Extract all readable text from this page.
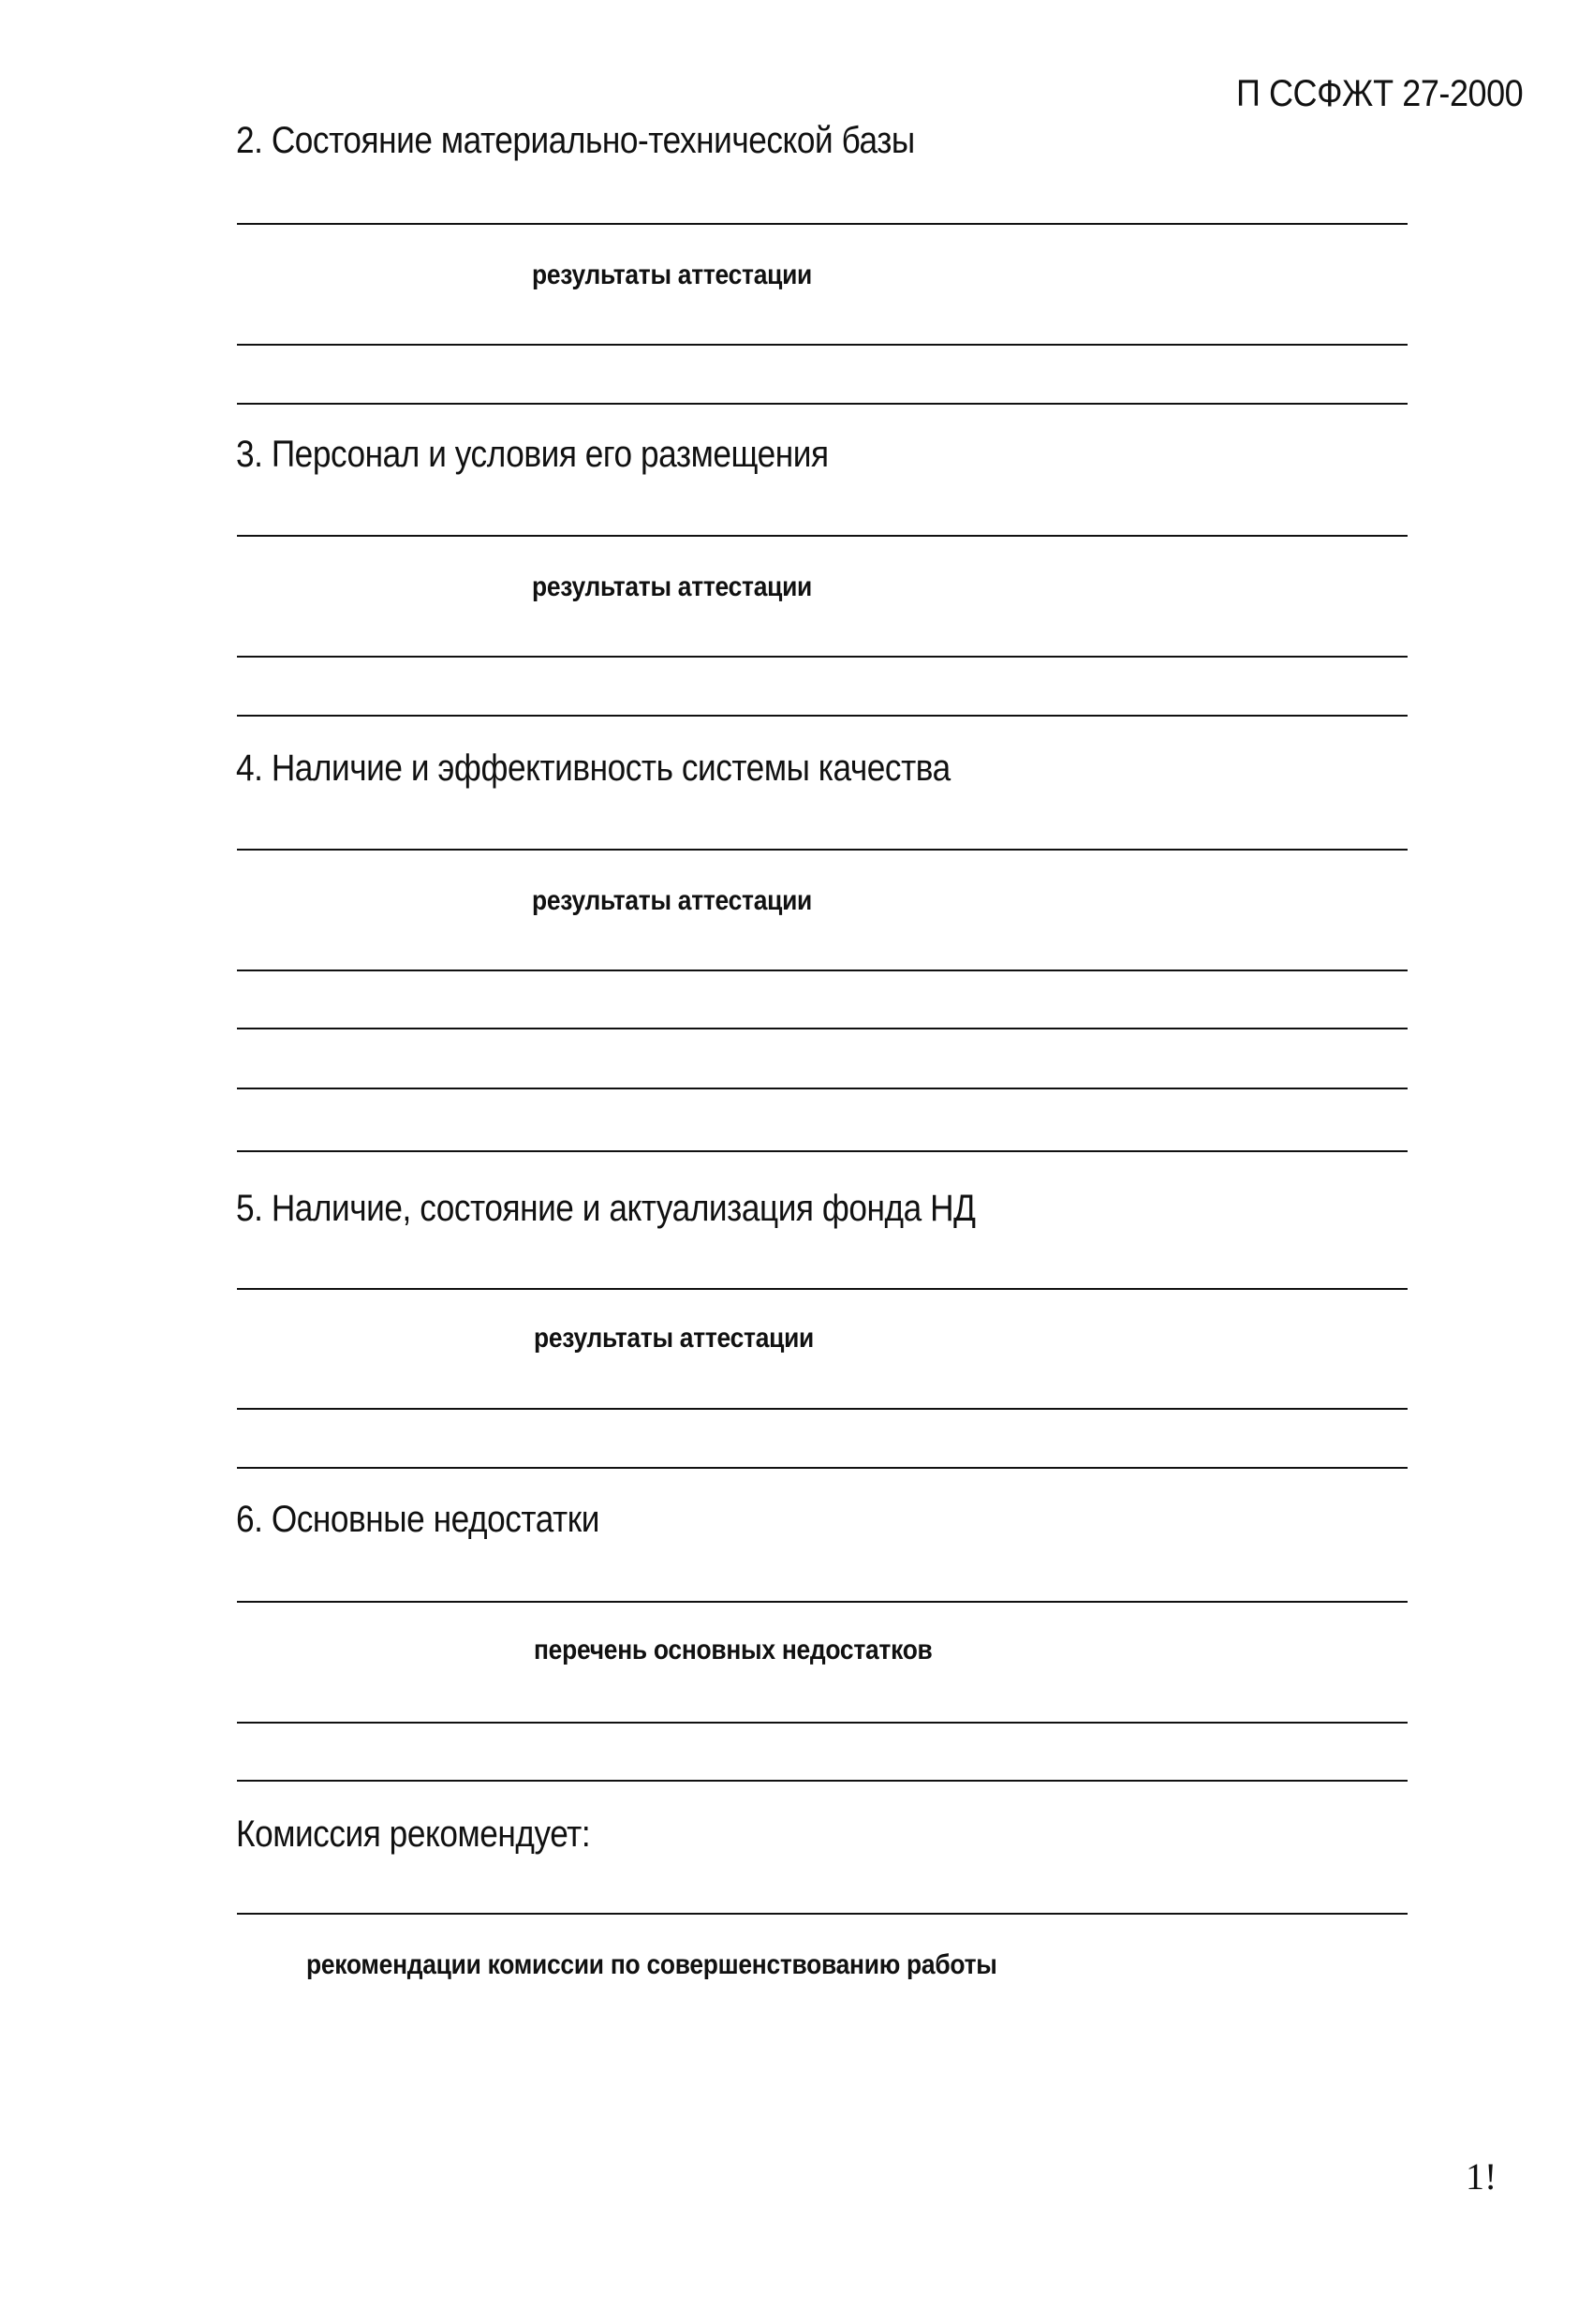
П ССФЖТ 27-2000
2. Состояние материально-технической базы
результаты аттестации
3. Персонал и условия его размещения
результаты аттестации
4. Наличие и эффективность системы качества
результаты аттестации
5. Наличие, состояние и актуализация фонда НД
результаты аттестации
6. Основные недостатки
перечень основных недостатков
Комиссия рекомендует:
рекомендации комиссии по совершенствованию работы
1!
